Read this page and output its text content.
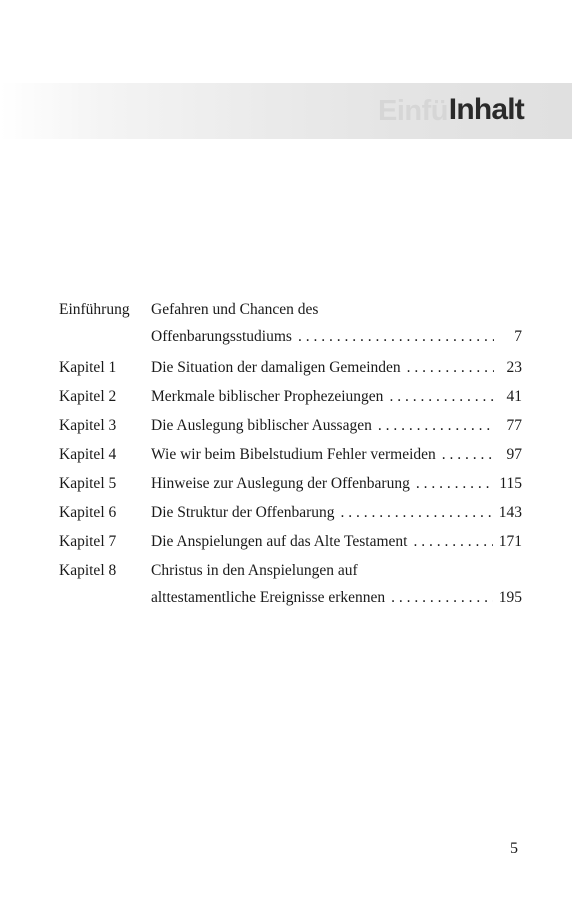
Einfü Inhalt
Einführung	Gefahren und Chancen des
Offenbarungsstudiums . . .	7
Kapitel 1	Die Situation der damaligen Gemeinden . . .	23
Kapitel 2	Merkmale biblischer Prophezeiungen . . .	41
Kapitel 3	Die Auslegung biblischer Aussagen . . .	77
Kapitel 4	Wie wir beim Bibelstudium Fehler vermeiden . . .	97
Kapitel 5	Hinweise zur Auslegung der Offenbarung . . .	115
Kapitel 6	Die Struktur der Offenbarung . . .	143
Kapitel 7	Die Anspielungen auf das Alte Testament . . .	171
Kapitel 8	Christus in den Anspielungen auf
alttestamentliche Ereignisse erkennen . . .	195
5
